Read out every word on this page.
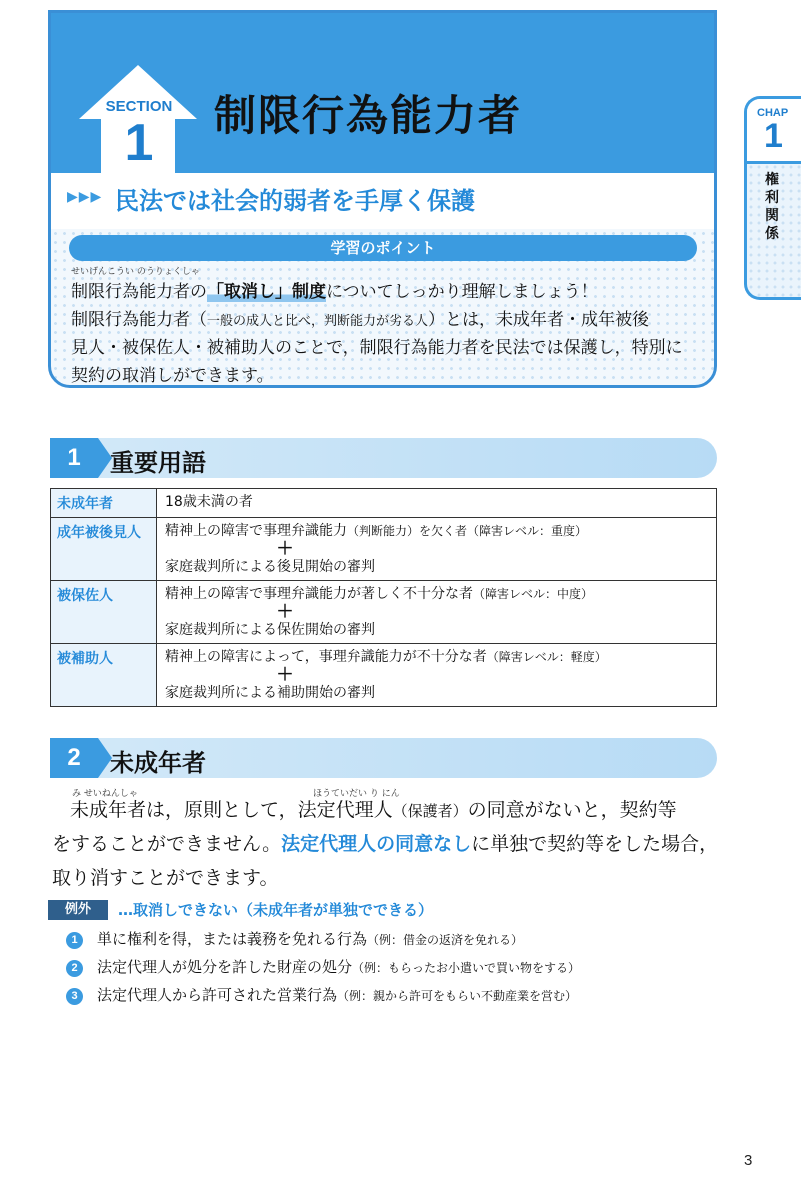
SECTION
1	制限行為能力者
▶▶▶ 民法では社会的弱者を手厚く保護
学習のポイント
せいげんこうい のうりょくしゃ
制限行為能力者の「取消し」制度についてしっかり理解しましょう！
制限行為能力者（一般の成人と比べ，判断能力が劣る人）とは，未成年者・成年被後
見人・被保佐人・被補助人のことで，制限行為能力者を民法では保護し，特別に
契約の取消しができます。
CHAP
1
権利関係
1	重要用語
未成年者	18歳未満の者
成年被後見人	精神上の障害で事理弁識能力（判断能力）を欠く者（障害レベル：重度）
＋
家庭裁判所による後見開始の審判
被保佐人	精神上の障害で事理弁識能力が著しく不十分な者（障害レベル：中度）
＋
家庭裁判所による保佐開始の審判
被補助人	精神上の障害によって，事理弁識能力が不十分な者（障害レベル：軽度）
＋
家庭裁判所による補助開始の審判
2	未成年者
み せいねんしゃ	ほうていだい り にん
未成年者は，原則として，法定代理人（保護者）の同意がないと，契約等
をすることができません。法定代理人の同意なしに単独で契約等をした場合，
取り消すことができます。
例外	…取消しできない（未成年者が単独でできる）
1 単に権利を得，または義務を免れる行為（例：借金の返済を免れる）
2 法定代理人が処分を許した財産の処分（例：もらったお小遣いで買い物をする）
3 法定代理人から許可された営業行為（例：親から許可をもらい不動産業を営む）
3
